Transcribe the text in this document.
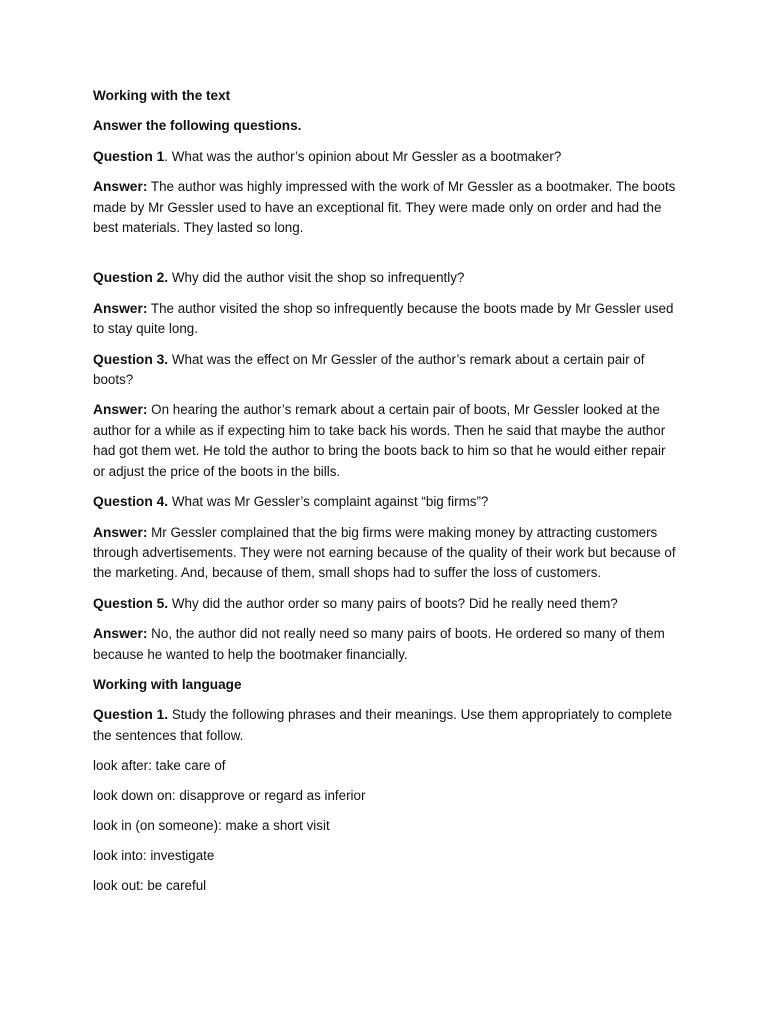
Working with the text
Answer the following questions.
Question 1. What was the author’s opinion about Mr Gessler as a bootmaker?
Answer: The author was highly impressed with the work of Mr Gessler as a bootmaker. The boots made by Mr Gessler used to have an exceptional fit. They were made only on order and had the best materials. They lasted so long.
Question 2. Why did the author visit the shop so infrequently?
Answer: The author visited the shop so infrequently because the boots made by Mr Gessler used to stay quite long.
Question 3. What was the effect on Mr Gessler of the author’s remark about a certain pair of boots?
Answer: On hearing the author’s remark about a certain pair of boots, Mr Gessler looked at the author for a while as if expecting him to take back his words. Then he said that maybe the author had got them wet. He told the author to bring the boots back to him so that he would either repair or adjust the price of the boots in the bills.
Question 4. What was Mr Gessler’s complaint against “big firms”?
Answer: Mr Gessler complained that the big firms were making money by attracting customers through advertisements. They were not earning because of the quality of their work but because of the marketing. And, because of them, small shops had to suffer the loss of customers.
Question 5. Why did the author order so many pairs of boots? Did he really need them?
Answer: No, the author did not really need so many pairs of boots. He ordered so many of them because he wanted to help the bootmaker financially.
Working with language
Question 1. Study the following phrases and their meanings. Use them appropriately to complete the sentences that follow.
look after: take care of
look down on: disapprove or regard as inferior
look in (on someone): make a short visit
look into: investigate
look out: be careful
